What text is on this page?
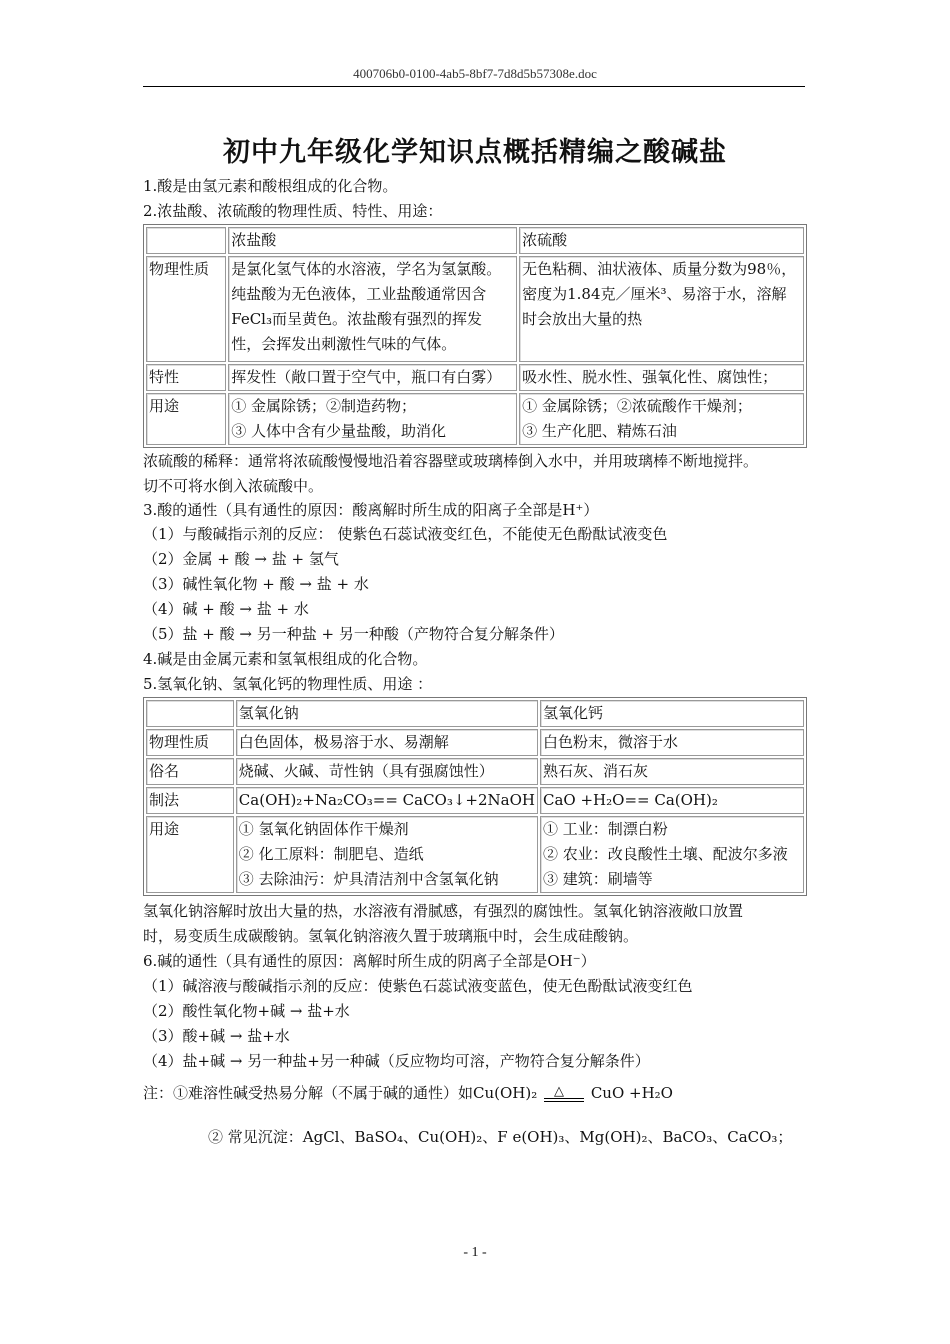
400706b0-0100-4ab5-8bf7-7d8d5b57308e.doc
初中九年级化学知识点概括精编之酸碱盐
1.酸是由氢元素和酸根组成的化合物。
2.浓盐酸、浓硫酸的物理性质、特性、用途：
	浓盐酸	浓硫酸
物理性质	是氯化氢气体的水溶液，学名为氢氯酸。
纯盐酸为无色液体，工业盐酸通常因含
FeCl₃而呈黄色。浓盐酸有强烈的挥发
性，会挥发出刺激性气味的气体。	无色粘稠、油状液体、质量分数为98％，
密度为1.84克／厘米³、易溶于水，溶解
时会放出大量的热

特性	挥发性（敞口置于空气中，瓶口有白雾）	吸水性、脱水性、强氧化性、腐蚀性；

用途	① 金属除锈；②制造药物；
③ 人体中含有少量盐酸，助消化	① 金属除锈；②浓硫酸作干燥剂；
③ 生产化肥、精炼石油
浓硫酸的稀释：通常将浓硫酸慢慢地沿着容器壁或玻璃棒倒入水中，并用玻璃棒不断地搅拌。
切不可将水倒入浓硫酸中。
3.酸的通性（具有通性的原因：酸离解时所生成的阳离子全部是H⁺）
（1）与酸碱指示剂的反应： 使紫色石蕊试液变红色，不能使无色酚酞试液变色
（2）金属 + 酸 → 盐 + 氢气
（3）碱性氧化物 + 酸 → 盐 + 水
（4）碱 + 酸 → 盐 + 水
（5）盐 + 酸 → 另一种盐 + 另一种酸（产物符合复分解条件）
4.碱是由金属元素和氢氧根组成的化合物。
5.氢氧化钠、氢氧化钙的物理性质、用途 ：
	氢氧化钠	氢氧化钙
物理性质	白色固体，极易溶于水、易潮解	白色粉末，微溶于水

俗名	烧碱、火碱、苛性钠（具有强腐蚀性）	熟石灰、消石灰

制法	Ca(OH)₂+Na₂CO₃== CaCO₃↓+2NaOH	CaO +H₂O== Ca(OH)₂

用途	① 氢氧化钠固体作干燥剂
② 化工原料：制肥皂、造纸
③ 去除油污：炉具清洁剂中含氢氧化钠	① 工业：制漂白粉
② 农业：改良酸性土壤、配波尔多液
③ 建筑：刷墙等
氢氧化钠溶解时放出大量的热，水溶液有滑腻感，有强烈的腐蚀性。氢氧化钠溶液敞口放置
时，易变质生成碳酸钠。氢氧化钠溶液久置于玻璃瓶中时，会生成硅酸钠。
6.碱的通性（具有通性的原因：离解时所生成的阴离子全部是OH⁻）
（1）碱溶液与酸碱指示剂的反应：使紫色石蕊试液变蓝色，使无色酚酞试液变红色
（2）酸性氧化物+碱 → 盐+水
（3）酸+碱 → 盐+水
（4）盐+碱 → 另一种盐+另一种碱（反应物均可溶，产物符合复分解条件）
注：①难溶性碱受热易分解（不属于碱的通性）如Cu(OH)₂ △ CuO +H₂O
② 常见沉淀：AgCl、BaSO₄、Cu(OH)₂、F e(OH)₃、Mg(OH)₂、BaCO₃、CaCO₃；
- 1 -
